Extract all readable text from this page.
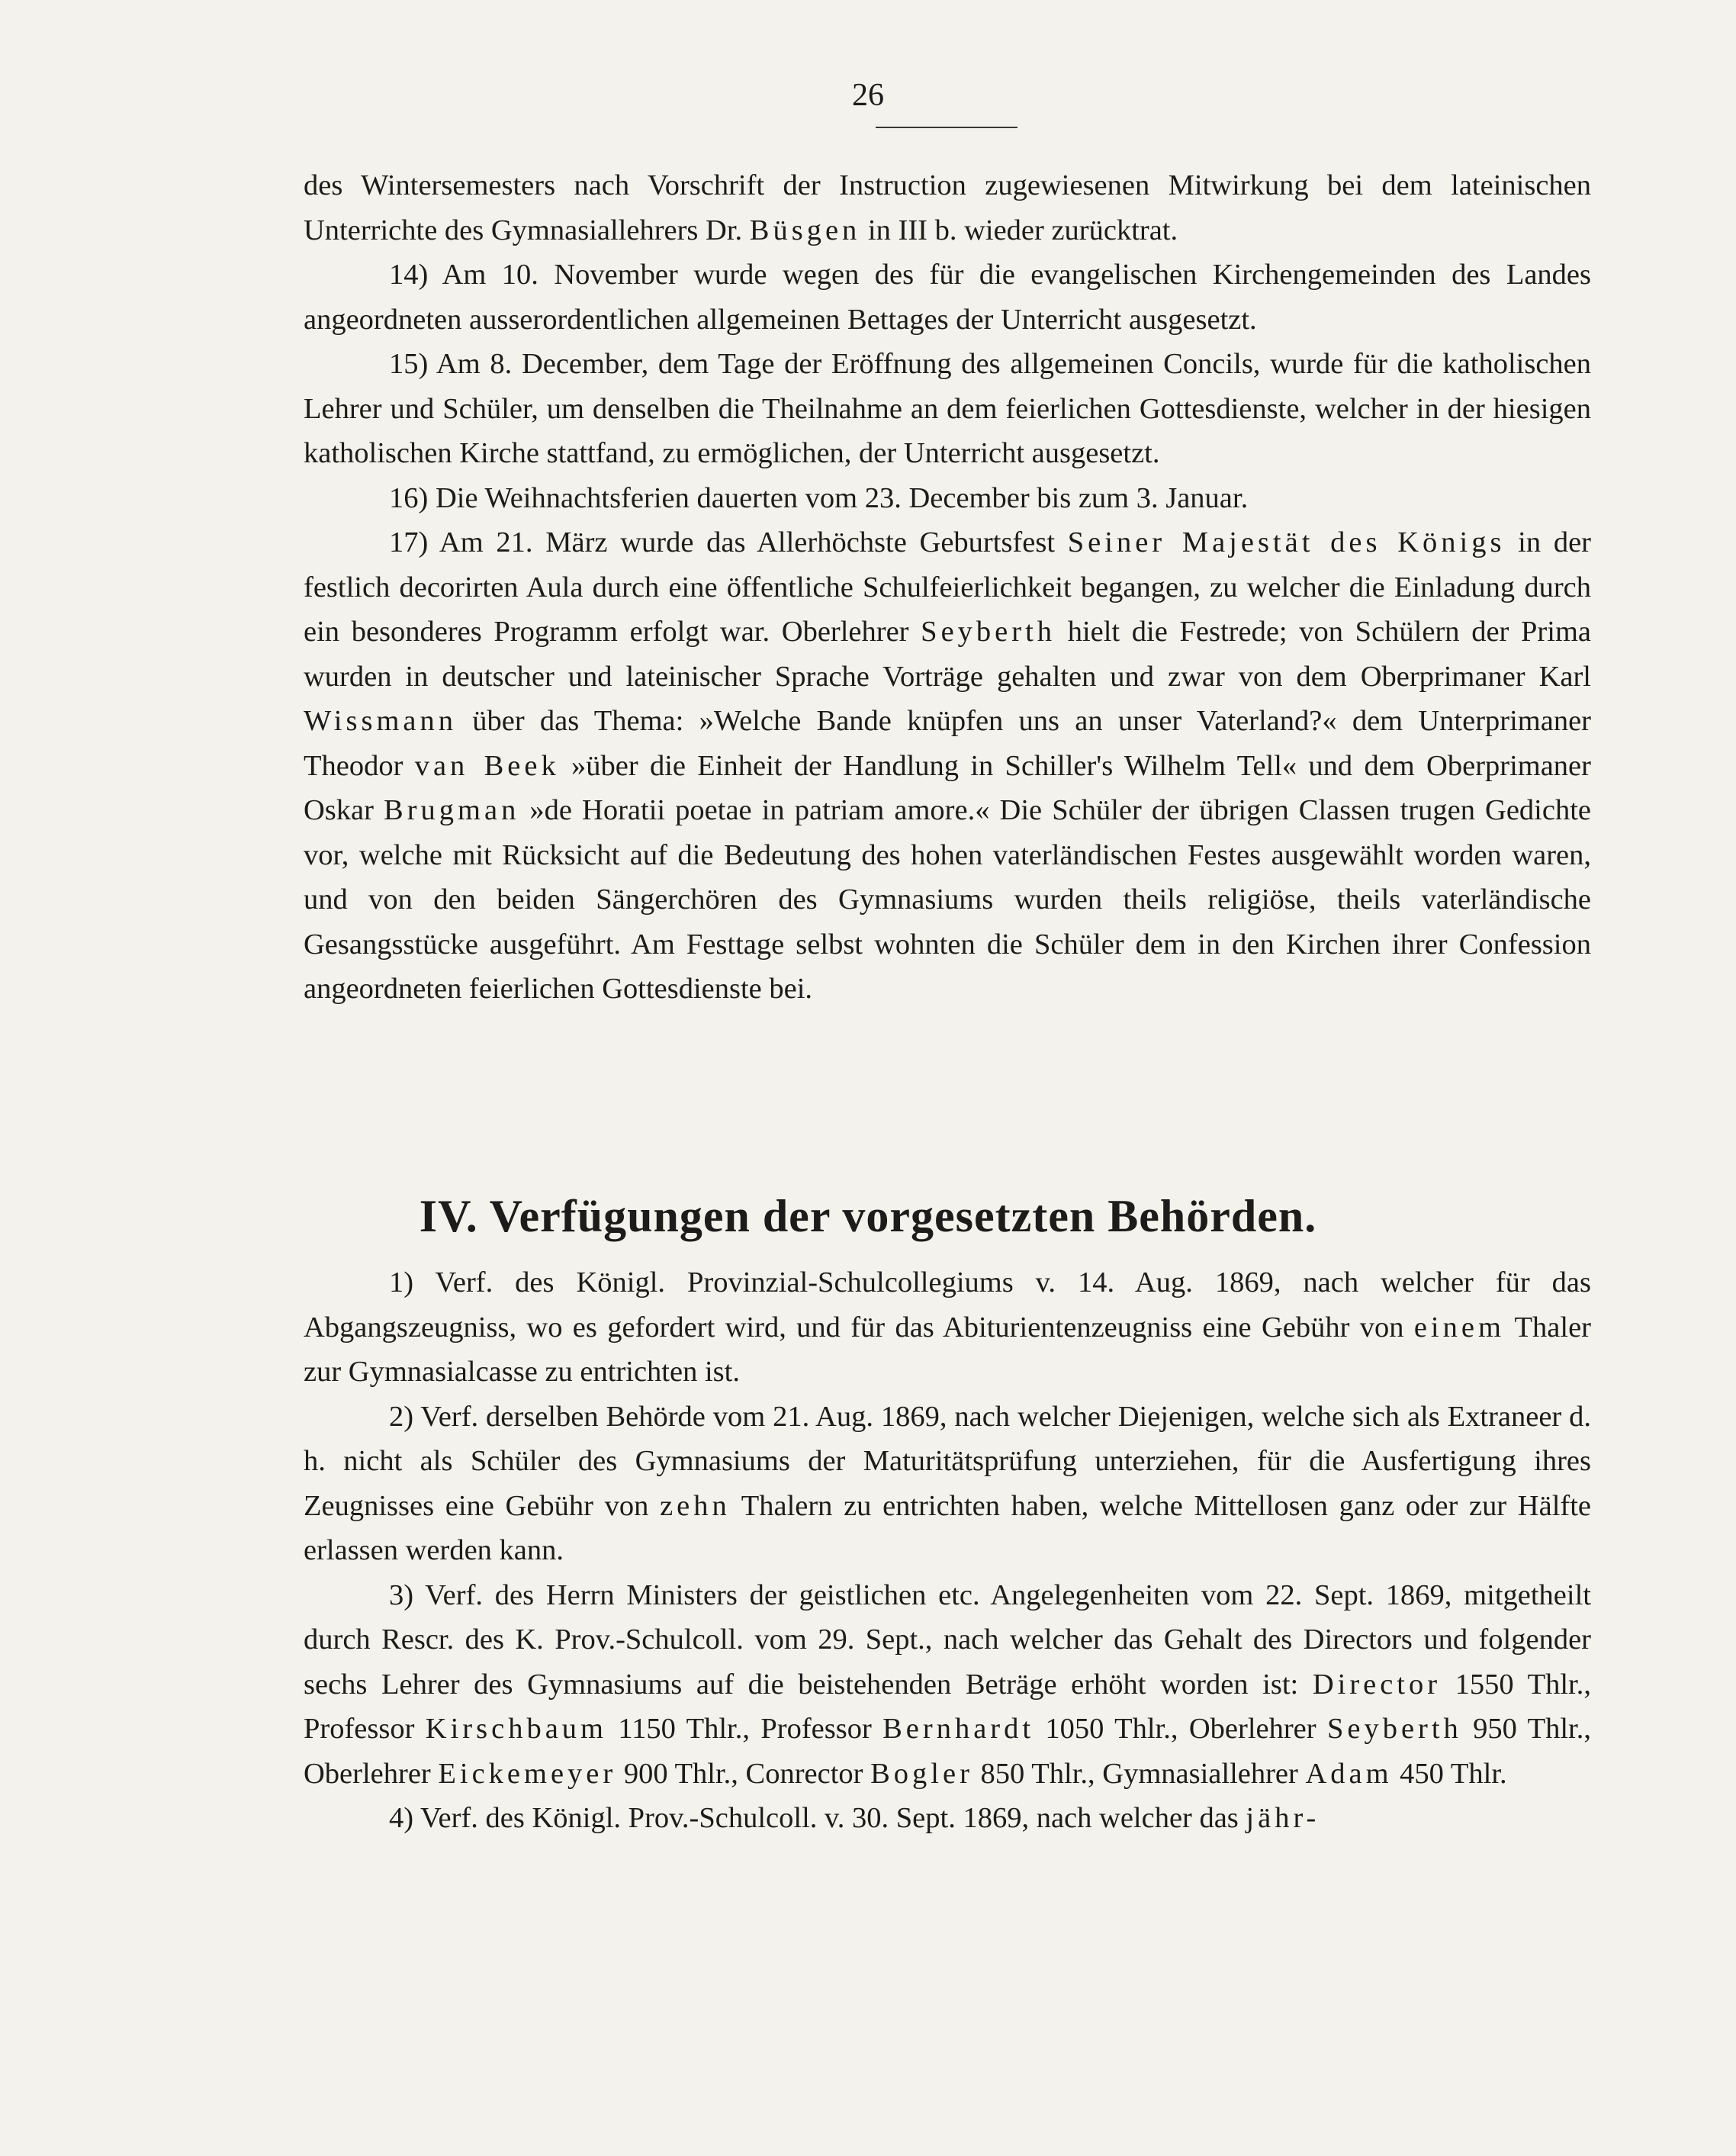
26

des Wintersemesters nach Vorschrift der Instruction zugewiesenen Mitwirkung bei dem lateinischen Unterrichte des Gymnasiallehrers Dr. Büsgen in III b. wieder zurücktrat.

14) Am 10. November wurde wegen des für die evangelischen Kirchengemeinden des Landes angeordneten ausserordentlichen allgemeinen Bettages der Unterricht ausgesetzt.

15) Am 8. December, dem Tage der Eröffnung des allgemeinen Concils, wurde für die katholischen Lehrer und Schüler, um denselben die Theilnahme an dem feierlichen Gottesdienste, welcher in der hiesigen katholischen Kirche stattfand, zu ermöglichen, der Unterricht ausgesetzt.

16) Die Weihnachtsferien dauerten vom 23. December bis zum 3. Januar.

17) Am 21. März wurde das Allerhöchste Geburtsfest Seiner Majestät des Königs in der festlich decorirten Aula durch eine öffentliche Schulfeierlichkeit begangen, zu welcher die Einladung durch ein besonderes Programm erfolgt war. Oberlehrer Seyberth hielt die Festrede; von Schülern der Prima wurden in deutscher und lateinischer Sprache Vorträge gehalten und zwar von dem Oberprimaner Karl Wissmann über das Thema: »Welche Bande knüpfen uns an unser Vaterland?« dem Unterprimaner Theodor van Beek »über die Einheit der Handlung in Schiller's Wilhelm Tell« und dem Oberprimaner Oskar Brugman »de Horatii poetae in patriam amore.« Die Schüler der übrigen Classen trugen Gedichte vor, welche mit Rücksicht auf die Bedeutung des hohen vaterländischen Festes ausgewählt worden waren, und von den beiden Sängerchören des Gymnasiums wurden theils religiöse, theils vaterländische Gesangsstücke ausgeführt. Am Festtage selbst wohnten die Schüler dem in den Kirchen ihrer Confession angeordneten feierlichen Gottesdienste bei.

IV. Verfügungen der vorgesetzten Behörden.

1) Verf. des Königl. Provinzial-Schulcollegiums v. 14. Aug. 1869, nach welcher für das Abgangszeugniss, wo es gefordert wird, und für das Abiturientenzeugniss eine Gebühr von einem Thaler zur Gymnasialcasse zu entrichten ist.

2) Verf. derselben Behörde vom 21. Aug. 1869, nach welcher Diejenigen, welche sich als Extraneer d. h. nicht als Schüler des Gymnasiums der Maturitätsprüfung unterziehen, für die Ausfertigung ihres Zeugnisses eine Gebühr von zehn Thalern zu entrichten haben, welche Mittellosen ganz oder zur Hälfte erlassen werden kann.

3) Verf. des Herrn Ministers der geistlichen etc. Angelegenheiten vom 22. Sept. 1869, mitgetheilt durch Rescr. des K. Prov.-Schulcoll. vom 29. Sept., nach welcher das Gehalt des Directors und folgender sechs Lehrer des Gymnasiums auf die beistehenden Beträge erhöht worden ist: Director 1550 Thlr., Professor Kirschbaum 1150 Thlr., Professor Bernhardt 1050 Thlr., Oberlehrer Seyberth 950 Thlr., Oberlehrer Eickemeyer 900 Thlr., Conrector Bogler 850 Thlr., Gymnasiallehrer Adam 450 Thlr.

4) Verf. des Königl. Prov.-Schulcoll. v. 30. Sept. 1869, nach welcher das jähr-
